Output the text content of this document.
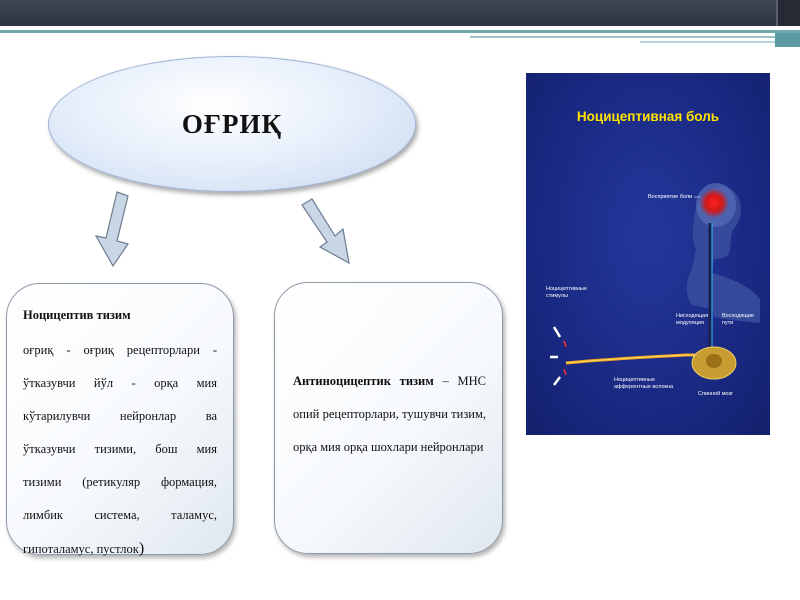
ОҒРИҚ
Ноцицептив тизим
оғриқ - оғриқ рецепторлари -
ўтказувчи йўл - орқа мия
кўтарилувчи нейронлар ва
ўтказувчи тизими, бош мия
тизими (ретикуляр формация,
лимбик система, таламус,
гипоталамус, пустлок)
Антиноцицептик тизим – МНС опий рецепторлари, тушувчи тизим, орқа мия орқа шохлари нейронлари
Ноцицептивная боль
Восприятие боли
Ноцицептивные стимулы
Нисходящая модуляция
Восходящие пути
Ноцицептивные афферентные волокна
Спинной мозг
